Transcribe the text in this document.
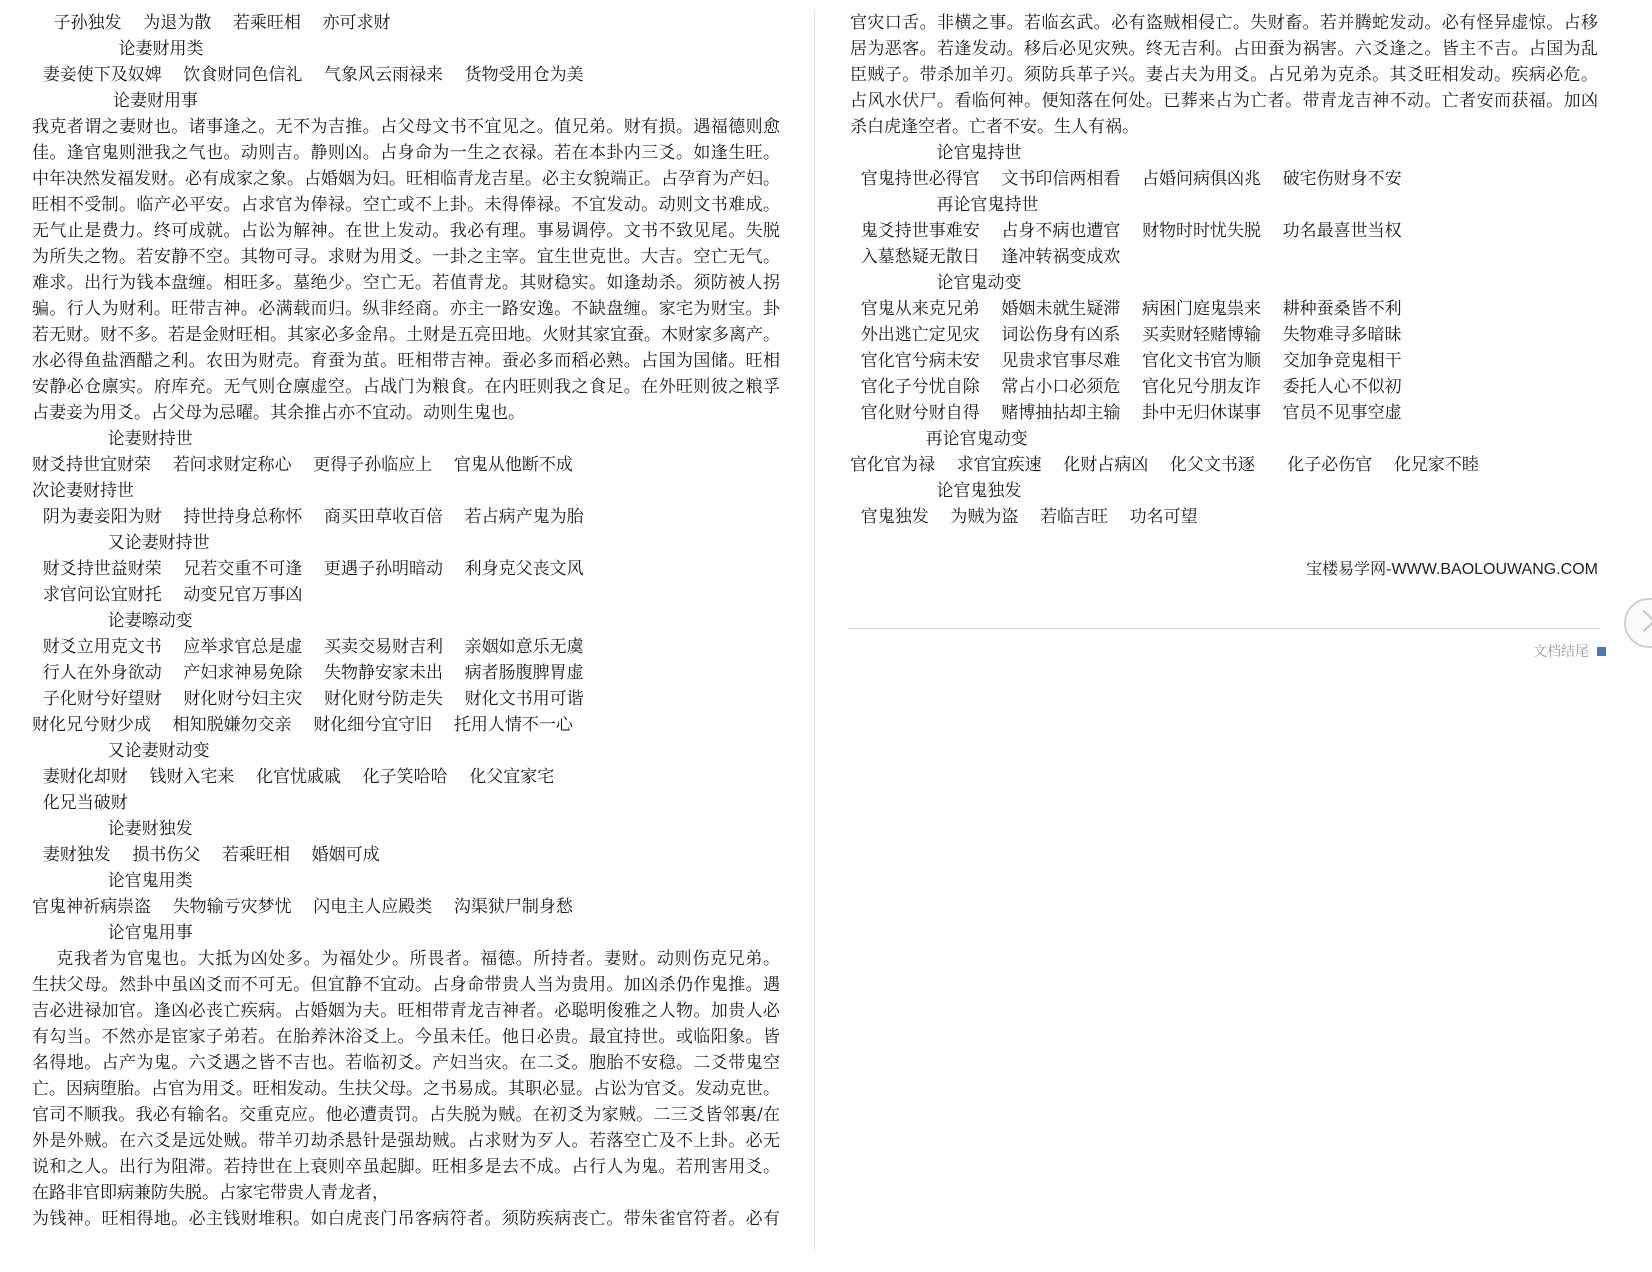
子孙独发    为退为散    若乘旺相    亦可求财
论妻财用类
妻妾使下及奴婢    饮食财同色信礼    气象风云雨禄来    货物受用仓为美
论妻财用事
我克者谓之妻财也。诸事逢之。无不为吉推。占父母文书不宜见之。值兄弟。财有损。遇福德则愈
佳。逢官鬼则泄我之气也。动则吉。静则凶。占身命为一生之衣禄。若在本卦内三爻。如逢生旺。
中年决然发福发财。必有成家之象。占婚姻为妇。旺相临青龙吉星。必主女貌端正。占孕育为产妇。
旺相不受制。临产必平安。占求官为俸禄。空亡或不上卦。未得俸禄。不宜发动。动则文书难成。
无气止是费力。终可成就。占讼为解神。在世上发动。我必有理。事易调停。文书不致见尾。失脱
为所失之物。若安静不空。其物可寻。求财为用爻。一卦之主宰。宜生世克世。大吉。空亡无气。
难求。出行为钱本盘缠。相旺多。墓绝少。空亡无。若值青龙。其财稳实。如逢劫杀。须防被人拐
骗。行人为财利。旺带吉神。必满载而归。纵非经商。亦主一路安逸。不缺盘缠。家宅为财宝。卦
若无财。财不多。若是金财旺相。其家必多金帛。土财是五亮田地。火财其家宜蚕。木财家多离产。
水必得鱼盐酒醋之利。农田为财売。育蚕为茧。旺相带吉神。蚕必多而稻必熟。占国为国储。旺相
安静必仓廪实。府库充。无气则仓廪虚空。占战门为粮食。在内旺则我之食足。在外旺则彼之粮孚
占妻妾为用爻。占父母为忌曜。其余推占亦不宜动。动则生鬼也。
论妻财持世
财爻持世宜财荣    若问求财定称心    更得子孙临应上    官鬼从他断不成
次论妻财持世
阴为妻妾阳为财    持世持身总称怀    商买田草收百倍    若占病产鬼为胎
又论妻财持世
财爻持世益财荣    兄若交重不可逢    更遇子孙明暗动    利身克父丧文风
求官问讼宜财托    动变兄官万事凶
论妻嚓动变
财爻立用克文书    应举求官总是虚    买卖交易财吉利    亲姻如意乐无虞
行人在外身欲动    产妇求神易免除    失物静安家未出    病者肠腹脾胃虚
子化财兮好望财    财化财兮妇主灾    财化财兮防走失    财化文书用可谐
财化兄兮财少成    相知脱嫌勿交亲    财化细兮宜守旧    托用人情不一心
又论妻财动变
妻财化却财    钱财入宅来    化官忧戚戚    化子笑哈哈    化父宜家宅
化兄当破财
论妻财独发
妻财独发    损书伤父    若乘旺相    婚姻可成
论官鬼用类
官鬼神祈病崇盗    失物输亏灾梦忧    闪电主人应殿类    沟渠狱尸制身愁
论官鬼用事
克我者为官鬼也。大抵为凶处多。为福处少。所畏者。福德。所持者。妻财。动则伤克兄弟。
生扶父母。然卦中虽凶爻而不可无。但宜静不宜动。占身命带贵人当为贵用。加凶杀仍作鬼推。遇
吉必进禄加官。逢凶必丧亡疾病。占婚姻为夫。旺相带青龙吉神者。必聪明俊雅之人物。加贵人必
有勾当。不然亦是宦家子弟若。在胎养沐浴爻上。今虽未任。他日必贵。最宜持世。或临阳象。皆
名得地。占产为鬼。六爻遇之皆不吉也。若临初爻。产妇当灾。在二爻。胞胎不安稳。二爻带鬼空
亡。因病堕胎。占官为用爻。旺相发动。生扶父母。之书易成。其职必显。占讼为官爻。发动克世。
官司不顺我。我必有输名。交重克应。他必遭责罚。占失脱为贼。在初爻为家贼。二三爻皆邻裏/在
外是外贼。在六爻是远处贼。带羊刃劫杀悬针是强劫贼。占求财为歹人。若落空亡及不上卦。必无
说和之人。出行为阻滞。若持世在上衰则卒虽起脚。旺相多是去不成。占行人为鬼。若刑害用爻。
在路非官即病兼防失脱。占家宅带贵人青龙者，
为钱神。旺相得地。必主钱财堆积。如白虎丧门吊客病符者。须防疾病丧亡。带朱雀官符者。必有
官灾口舌。非横之事。若临玄武。必有盗贼相侵亡。失财畜。若并腾蛇发动。必有怪异虚惊。占移
居为恶客。若逢发动。移后必见灾殃。终无吉利。占田蚕为祸害。六爻逢之。皆主不吉。占国为乱
臣贼子。带杀加羊刃。须防兵革子兴。妻占夫为用爻。占兄弟为克杀。其爻旺相发动。疾病必危。
占风水伏尸。看临何神。便知落在何处。已葬来占为亡者。带青龙吉神不动。亡者安而获福。加凶
杀白虎逢空者。亡者不安。生人有祸。
论官鬼持世
官鬼持世必得官    文书印信两相看    占婚问病俱凶兆    破宅伤财身不安
再论官鬼持世
鬼爻持世事难安    占身不病也遭官    财物时时忧失脱    功名最喜世当权
入墓愁疑无散日    逢冲转祸变成欢
论官鬼动变
官鬼从来克兄弟    婚姻未就生疑滞    病困门庭鬼祟来    耕种蚕桑皆不利
外出逃亡定见灾    词讼伤身有凶系    买卖财轻赌博输    失物难寻多暗昧
官化官兮病未安    见贵求官事尽难    官化文书官为顺    交加争竞鬼相干
官化子兮忧自除    常占小口必须危    官化兄兮朋友诈    委托人心不似初
官化财兮财自得    赌博抽拈却主输    卦中无归休谋事    官员不见事空虚
再论官鬼动变
官化官为禄    求官宜疾速    化财占病凶    化父文书逐      化子必伤官    化兄家不睦
论官鬼独发
官鬼独发    为贼为盗    若临吉旺    功名可望
宝楼易学网-WWW.BAOLOUWANG.COM
文档结尾
